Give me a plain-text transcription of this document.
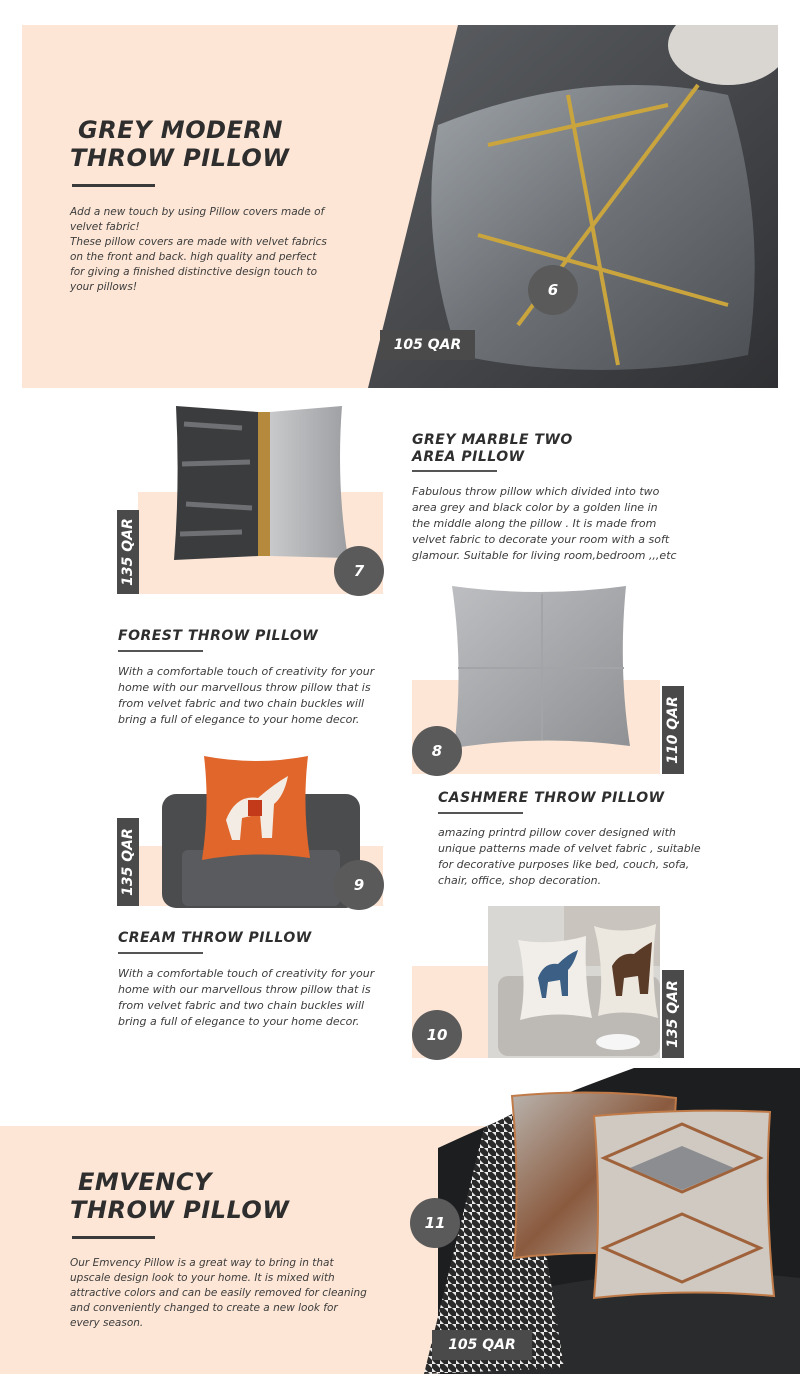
105 QAR
6
GREY MODERN
THROW PILLOW
Add a new touch by using Pillow covers made of
velvet fabric!
These pillow covers are made with velvet fabrics
on the front and back. high quality and perfect
for giving a finished distinctive design touch to
your pillows!
135 QAR	7
GREY MARBLE TWO
AREA PILLOW
Fabulous throw pillow which divided into two
area grey and black color by a golden line in
the middle along the pillow . It is made from
velvet fabric to decorate your room with a soft
glamour. Suitable for living room,bedroom ,,,etc
FOREST THROW PILLOW
With a comfortable touch of creativity for your
home with our marvellous throw pillow that is
from velvet fabric and two chain buckles will
bring a full of elegance to your home decor.	110 QAR
8
135 QAR	9
CASHMERE THROW PILLOW
amazing printrd pillow cover designed with
unique patterns made of velvet fabric , suitable
for decorative purposes like bed, couch, sofa,
chair, office, shop decoration.
CREAM THROW PILLOW
With a comfortable touch of creativity for your
home with our marvellous throw pillow that is
from velvet fabric and two chain buckles will
bring a full of elegance to your home decor.	135 QAR
10
105 QAR
11
EMVENCY
THROW PILLOW
Our Emvency Pillow is a great way to bring in that
upscale design look to your home. It is mixed with
attractive colors and can be easily removed for cleaning
and conveniently changed to create a new look for
every season.
